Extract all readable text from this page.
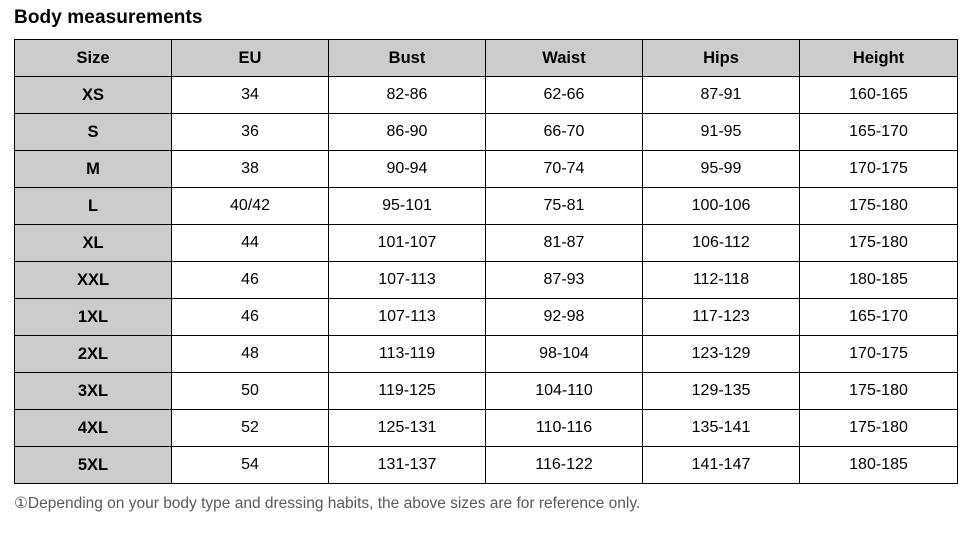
Body measurements
Size	EU	Bust	Waist	Hips	Height
XS	34	82-86	62-66	87-91	160-165
S	36	86-90	66-70	91-95	165-170
M	38	90-94	70-74	95-99	170-175
L	40/42	95-101	75-81	100-106	175-180
XL	44	101-107	81-87	106-112	175-180
XXL	46	107-113	87-93	112-118	180-185
1XL	46	107-113	92-98	117-123	165-170
2XL	48	113-119	98-104	123-129	170-175
3XL	50	119-125	104-110	129-135	175-180
4XL	52	125-131	110-116	135-141	175-180
5XL	54	131-137	116-122	141-147	180-185
①Depending on your body type and dressing habits, the above sizes are for reference only.
